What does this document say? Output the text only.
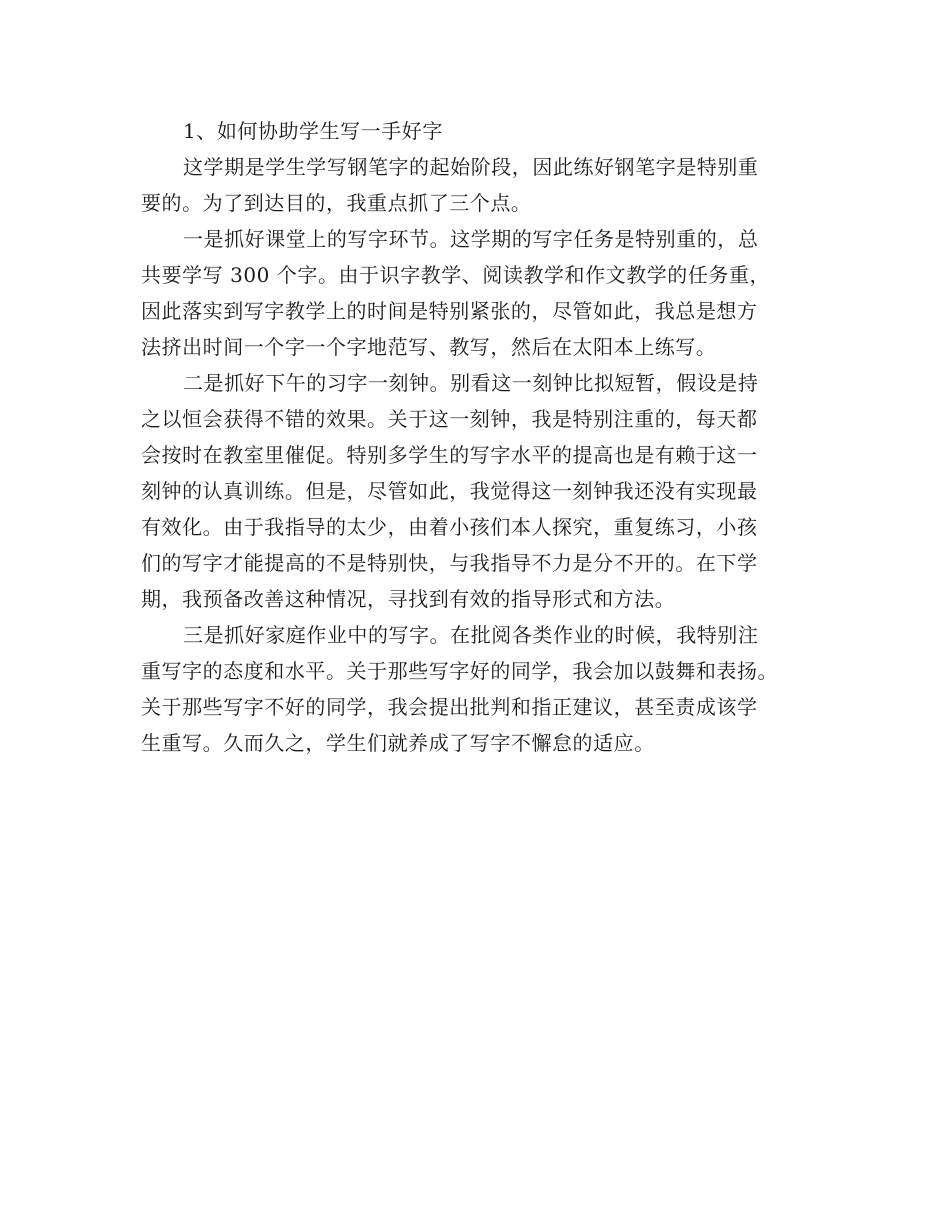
1、如何协助学生写一手好字
这学期是学生学写钢笔字的起始阶段，因此练好钢笔字是特别重
要的。为了到达目的，我重点抓了三个点。
一是抓好课堂上的写字环节。这学期的写字任务是特别重的，总
共要学写 300 个字。由于识字教学、阅读教学和作文教学的任务重，
因此落实到写字教学上的时间是特别紧张的，尽管如此，我总是想方
法挤出时间一个字一个字地范写、教写，然后在太阳本上练写。
二是抓好下午的习字一刻钟。别看这一刻钟比拟短暂，假设是持
之以恒会获得不错的效果。关于这一刻钟，我是特别注重的，每天都
会按时在教室里催促。特别多学生的写字水平的提高也是有赖于这一
刻钟的认真训练。但是，尽管如此，我觉得这一刻钟我还没有实现最
有效化。由于我指导的太少，由着小孩们本人探究，重复练习，小孩
们的写字才能提高的不是特别快，与我指导不力是分不开的。在下学
期，我预备改善这种情况，寻找到有效的指导形式和方法。
三是抓好家庭作业中的写字。在批阅各类作业的时候，我特别注
重写字的态度和水平。关于那些写字好的同学，我会加以鼓舞和表扬。
关于那些写字不好的同学，我会提出批判和指正建议，甚至责成该学
生重写。久而久之，学生们就养成了写字不懈怠的适应。
